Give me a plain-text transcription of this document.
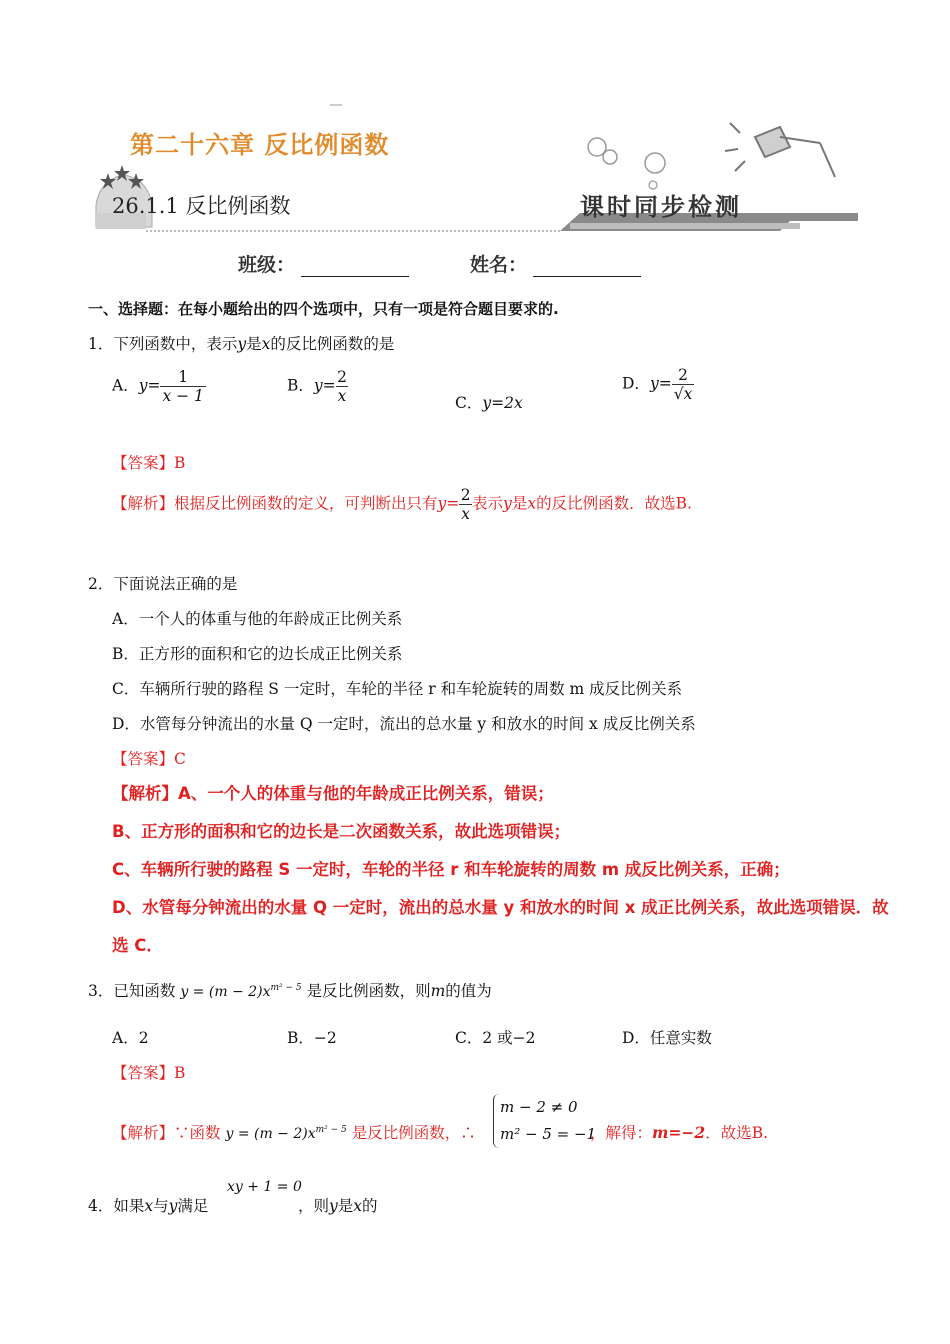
第二十六章 反比例函数
26.1.1 反比例函数	课时同步检测
班级：	姓名：
一、选择题：在每小题给出的四个选项中，只有一项是符合题目要求的.
1．下列函数中，表示y是x的反比例函数的是
A．$y= \frac{1}{x - 1}$	B．$y= \frac{2}{x}$	C．y=2x
D．$y= \frac{2}{√x}$
【答案】B
【解析】根据反比例函数的定义，可判断出只有$y= \frac{2}{x}$ 表示y是x的反比例函数．故选B.
2．下面说法正确的是
A．一个人的体重与他的年龄成正比例关系
B．正方形的面积和它的边长成正比例关系
C．车辆所行驶的路程 S 一定时，车轮的半径 r 和车轮旋转的周数 m 成反比例关系
D．水管每分钟流出的水量 Q 一定时，流出的总水量 y 和放水的时间 x 成反比例关系
【答案】C
【解析】A、一个人的体重与他的年龄成正比例关系，错误；
B、正方形的面积和它的边长是二次函数关系，故此选项错误；
C、车辆所行驶的路程 S 一定时，车轮的半径 r 和车轮旋转的周数 m 成反比例关系，正确；
D、水管每分钟流出的水量 Q 一定时，流出的总水量 y 和放水的时间 x 成正比例关系，故此选项错误．故
选 C．
3．已知函数 $y = (m - 2)x^{m^2 - 5}$ 是反比例函数，则m的值为
A．2	B．−2	C．2 或−2	D．任意实数
【答案】B
【解析】∵函数 $y = (m - 2)x^{m^2 - 5}$ 是反比例函数，∴
m − 2 ≠ 0
m² − 5 = −1
，解得：m=−2．故选B.
xy + 1 = 0
4．如果x与y满足	，则y是x的
